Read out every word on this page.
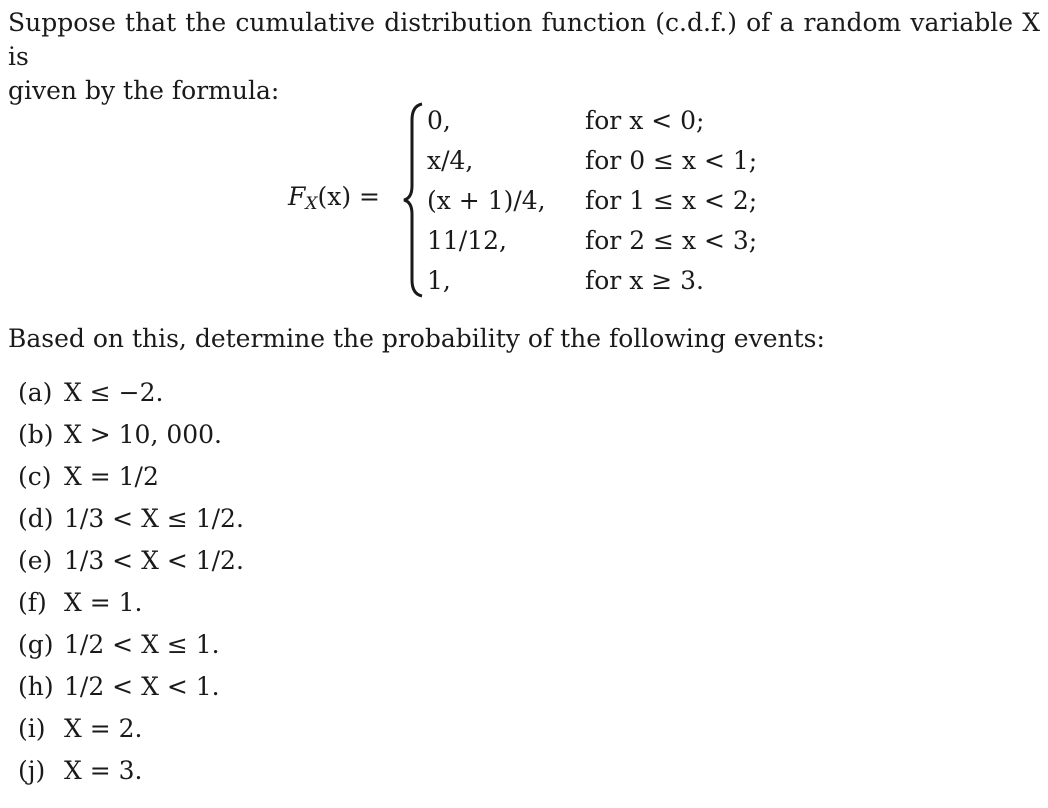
Suppose that the cumulative distribution function (c.d.f.) of a random variable X is
given by the formula:
$F_X(x)$ =
0,
x/4,
(x + 1)/4,
11/12,
1,
for x < 0;
for 0 ≤ x < 1;
for 1 ≤ x < 2;
for 2 ≤ x < 3;
for x ≥ 3.
Based on this, determine the probability of the following events:
(a) X ≤ −2.
(b) X > 10, 000.
(c) X = 1/2
(d) 1/3 < X ≤ 1/2.
(e) 1/3 < X < 1/2.
(f) X = 1.
(g) 1/2 < X ≤ 1.
(h) 1/2 < X < 1.
(i) X = 2.
(j) X = 3.
